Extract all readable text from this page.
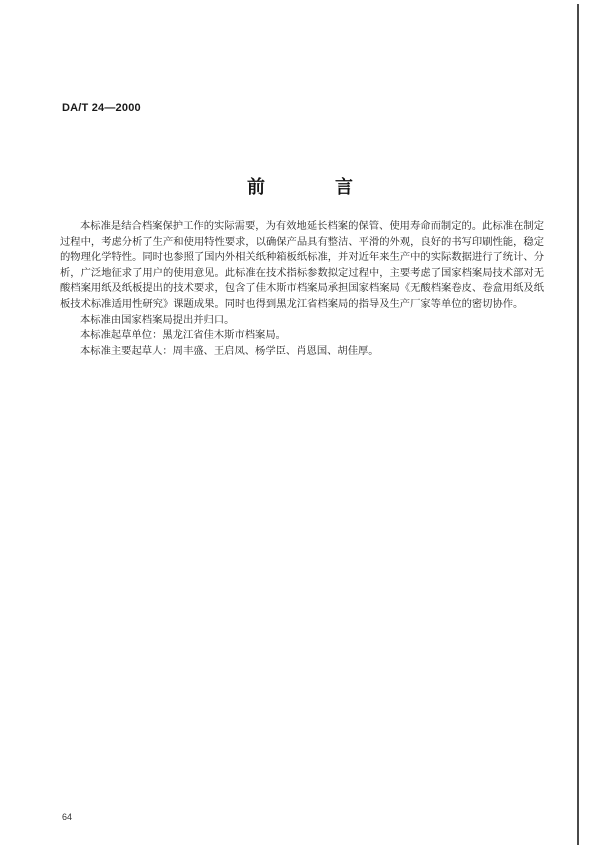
DA/T 24—2000
前　言

本标准是结合档案保护工作的实际需要，为有效地延长档案的保管、使用寿命而制定的。此标准在制定过程中，考虑分析了生产和使用特性要求，以确保产品具有整洁、平滑的外观，良好的书写印刷性能，稳定的物理化学特性。同时也参照了国内外相关纸种箱板纸标准，并对近年来生产中的实际数据进行了统计、分析，广泛地征求了用户的使用意见。此标准在技术指标参数拟定过程中，主要考虑了国家档案局技术部对无酸档案用纸及纸板提出的技术要求，包含了佳木斯市档案局承担国家档案局《无酸档案卷皮、卷盒用纸及纸板技术标准适用性研究》课题成果。同时也得到黑龙江省档案局的指导及生产厂家等单位的密切协作。

本标准由国家档案局提出并归口。

本标准起草单位：黑龙江省佳木斯市档案局。

本标准主要起草人：周丰盛、王启凤、杨学臣、肖恩国、胡佳厚。

64
